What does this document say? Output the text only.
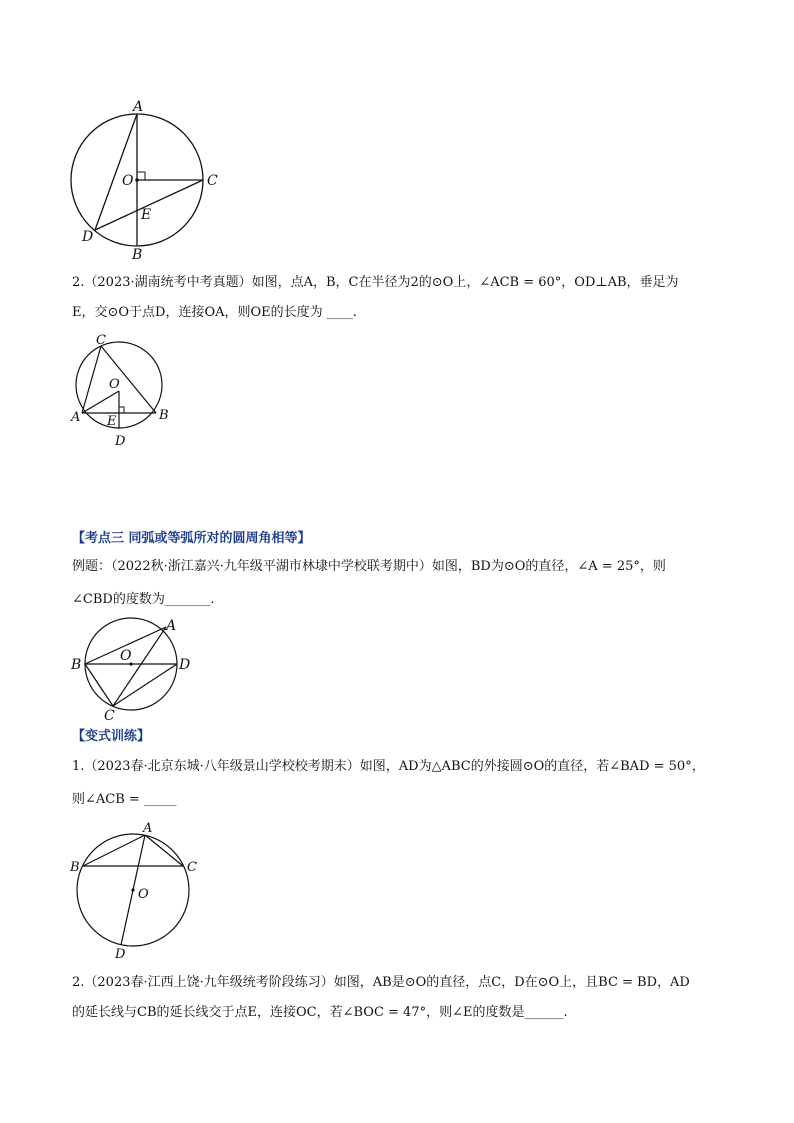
A
O	C
E
D
B
2.（2023·湖南统考中考真题）如图，点A，B，C在半径为2的⊙O上，∠ACB = 60°，OD⊥AB，垂足为
E，交⊙O于点D，连接OA，则OE的长度为 ____.
C
O
A E	B
D
【考点三 同弧或等弧所对的圆周角相等】
例题：（2022秋·浙江嘉兴·九年级平湖市林埭中学校联考期中）如图，BD为⊙O的直径，∠A = 25°，则
∠CBD的度数为_______.
A
O
B	D
C
【变式训练】
1.（2023春·北京东城·八年级景山学校校考期末）如图，AD为△ABC的外接圆⊙O的直径，若∠BAD = 50°，
则∠ACB = _____
A
B	C
O
D
2.（2023春·江西上饶·九年级统考阶段练习）如图，AB是⊙O的直径，点C，D在⊙O上，且BC = BD，AD
的延长线与CB的延长线交于点E，连接OC，若∠BOC = 47°，则∠E的度数是______.
